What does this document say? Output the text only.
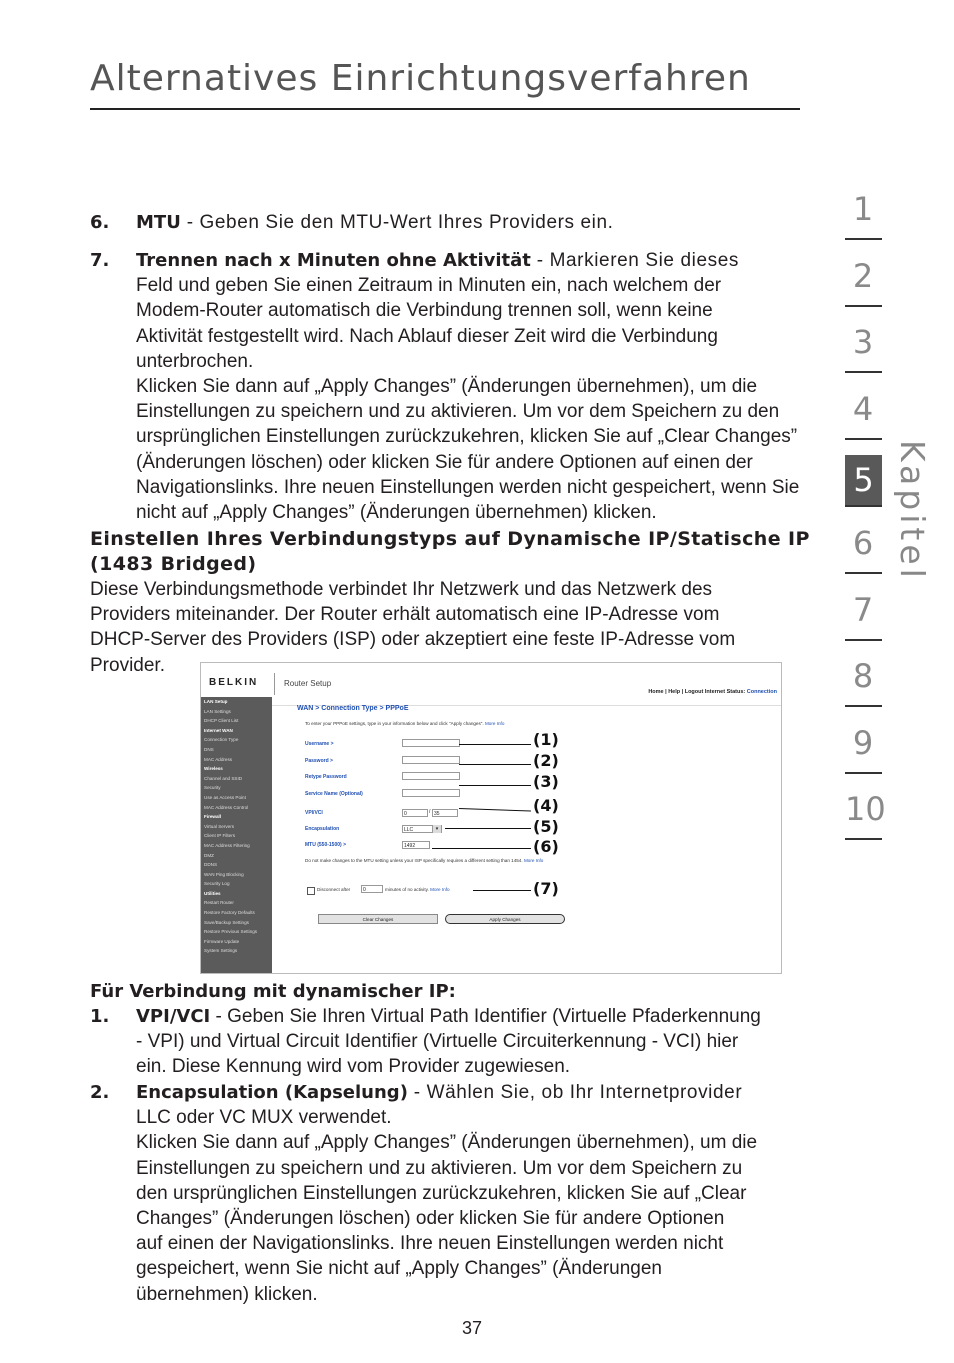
Alternatives Einrichtungsverfahren
1
2
3
4
5
6
7
8
9
10
Kapitel
6. MTU - Geben Sie den MTU-Wert Ihres Providers ein.
7. Trennen nach x Minuten ohne Aktivität - Markieren Sie dieses
Feld und geben Sie einen Zeitraum in Minuten ein, nach welchem der
Modem-Router automatisch die Verbindung trennen soll, wenn keine
Aktivität festgestellt wird. Nach Ablauf dieser Zeit wird die Verbindung
unterbrochen.
Klicken Sie dann auf „Apply Changes” (Änderungen übernehmen), um die
Einstellungen zu speichern und zu aktivieren. Um vor dem Speichern zu den
ursprünglichen Einstellungen zurückzukehren, klicken Sie auf „Clear Changes”
(Änderungen löschen) oder klicken Sie für andere Optionen auf einen der
Navigationslinks. Ihre neuen Einstellungen werden nicht gespeichert, wenn Sie
nicht auf „Apply Changes” (Änderungen übernehmen) klicken.
Einstellen Ihres Verbindungstyps auf Dynamische IP/Statische IP
(1483 Bridged)
Diese Verbindungsmethode verbindet Ihr Netzwerk und das Netzwerk des
Providers miteinander. Der Router erhält automatisch eine IP-Adresse vom
DHCP-Server des Providers (ISP) oder akzeptiert eine feste IP-Adresse vom
Provider.
BELKIN	Router Setup
Home | Help | Logout Internet Status: Connection
LAN Setup
LAN Settings
DHCP Client List
Internet WAN
Connection Type
DNS
MAC Address
Wireless
Channel and SSID
Security
Use as Access Point
MAC Address Control
Firewall
Virtual Servers
Client IP Filters
MAC Address Filtering
DMZ
DDNS
WAN Ping Blocking
Security Log
Utilities
Restart Router
Restore Factory Defaults
Save/Backup Settings
Restore Previous Settings
Firmware Update
System Settings
WAN > Connection Type > PPPoE
To enter your PPPoE settings, type in your information below and click "Apply changes". More Info
Username >
Password >
Retype Password
Service Name (Optional)
VPI/VCI	0	/ 35
Encapsulation	LLC	▾
MTU (550-1500) >	1492
Do not make changes to the MTU setting unless your ISP specifically requires a different setting than 1454. More Info
Disconnect after	0	minutes of no activity. More Info
Clear Changes	Apply Changes
(1)
(2)
(3)
(4)
(5)
(6)
(7)
Für Verbindung mit dynamischer IP:
1. VPI/VCI - Geben Sie Ihren Virtual Path Identifier (Virtuelle Pfaderkennung
- VPI) und Virtual Circuit Identifier (Virtuelle Circuiterkennung - VCI) hier
ein. Diese Kennung wird vom Provider zugewiesen.
2. Encapsulation (Kapselung) - Wählen Sie, ob Ihr Internetprovider
LLC oder VC MUX verwendet.
Klicken Sie dann auf „Apply Changes” (Änderungen übernehmen), um die
Einstellungen zu speichern und zu aktivieren. Um vor dem Speichern zu
den ursprünglichen Einstellungen zurückzukehren, klicken Sie auf „Clear
Changes” (Änderungen löschen) oder klicken Sie für andere Optionen
auf einen der Navigationslinks. Ihre neuen Einstellungen werden nicht
gespeichert, wenn Sie nicht auf „Apply Changes” (Änderungen
übernehmen) klicken.
37
